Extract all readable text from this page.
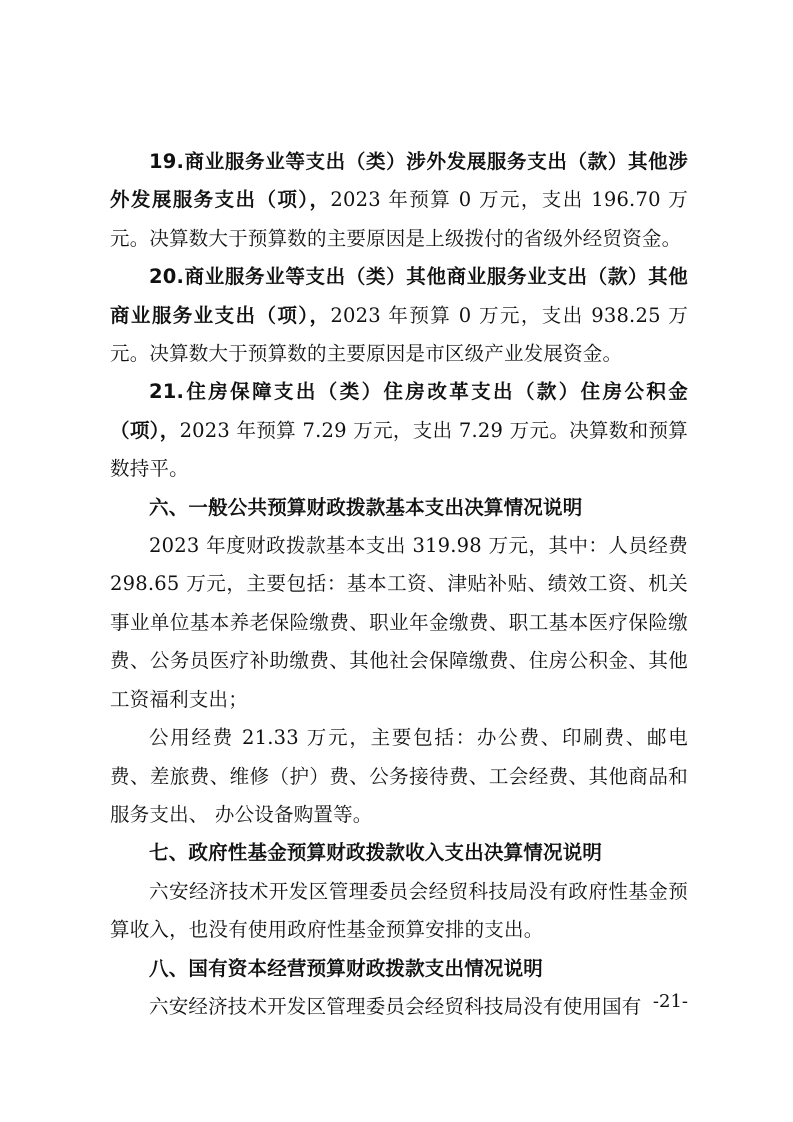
19.商业服务业等支出（类）涉外发展服务支出（款）其他涉外发展服务支出（项），2023 年预算 0 万元，支出 196.70 万元。决算数大于预算数的主要原因是上级拨付的省级外经贸资金。

20.商业服务业等支出（类）其他商业服务业支出（款）其他商业服务业支出（项），2023 年预算 0 万元，支出 938.25 万元。决算数大于预算数的主要原因是市区级产业发展资金。

21.住房保障支出（类）住房改革支出（款）住房公积金（项），2023 年预算 7.29 万元，支出 7.29 万元。决算数和预算数持平。

六、一般公共预算财政拨款基本支出决算情况说明

2023 年度财政拨款基本支出 319.98 万元，其中：人员经费 298.65 万元，主要包括：基本工资、津贴补贴、绩效工资、机关事业单位基本养老保险缴费、职业年金缴费、职工基本医疗保险缴费、公务员医疗补助缴费、其他社会保障缴费、住房公积金、其他工资福利支出；

公用经费 21.33 万元，主要包括：办公费、印刷费、邮电费、差旅费、维修（护）费、公务接待费、工会经费、其他商品和服务支出、 办公设备购置等。

七、政府性基金预算财政拨款收入支出决算情况说明

六安经济技术开发区管理委员会经贸科技局没有政府性基金预算收入，也没有使用政府性基金预算安排的支出。

八、国有资本经营预算财政拨款支出情况说明

六安经济技术开发区管理委员会经贸科技局没有使用国有 -21-
